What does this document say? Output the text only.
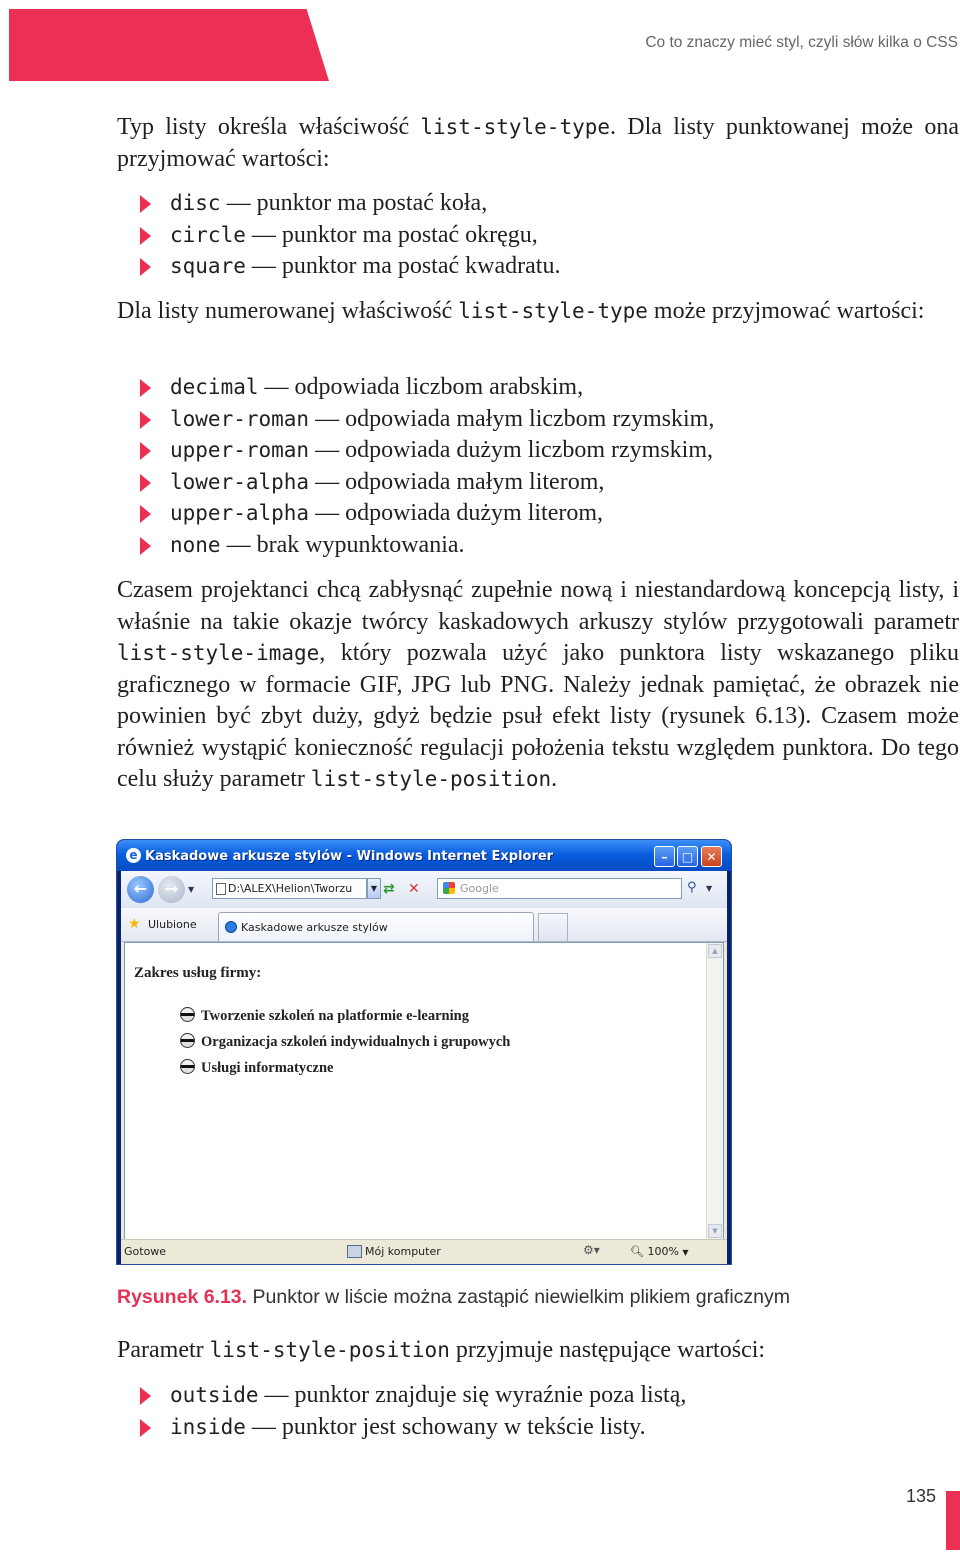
Co to znaczy mieć styl, czyli słów kilka o CSS

Typ listy określa właściwość list-style-type. Dla listy punktowanej może ona przyjmować wartości:

disc — punktor ma postać koła,
circle — punktor ma postać okręgu,
square — punktor ma postać kwadratu.

Dla listy numerowanej właściwość list-style-type może przyjmować wartości:

decimal — odpowiada liczbom arabskim,
lower-roman — odpowiada małym liczbom rzymskim,
upper-roman — odpowiada dużym liczbom rzymskim,
lower-alpha — odpowiada małym literom,
upper-alpha — odpowiada dużym literom,
none — brak wypunktowania.

Czasem projektanci chcą zabłysnąć zupełnie nową i niestandardową koncepcją listy, i właśnie na takie okazje twórcy kaskadowych arkuszy stylów przygotowali parametr list-style-image, który pozwala użyć jako punktora listy wskazanego pliku graficznego w formacie GIF, JPG lub PNG. Należy jednak pamiętać, że obrazek nie powinien być zbyt duży, gdyż będzie psuł efekt listy (rysunek 6.13). Czasem może również wystąpić konieczność regulacji położenia tekstu względem punktora. Do tego celu służy parametr list-style-position.

e Kaskadowe arkusze stylów - Windows Internet Explorer	–	□	✕
←	→	▼	D:\ALEX\Helion\Tworzu	▼ ⇄ ✕	Google	⚲ ▼
★ Ulubione	Kaskadowe arkusze stylów
Zakres usług firmy:
Tworzenie szkoleń na platformie e-learning
Organizacja szkoleń indywidualnych i grupowych
Usługi informatyczne
▲
▼
Gotowe	Mój komputer	⚙▾	🔍︎ 100% ▼
Rysunek 6.13. Punktor w liście można zastąpić niewielkim plikiem graficznym

Parametr list-style-position przyjmuje następujące wartości:

outside — punktor znajduje się wyraźnie poza listą,
inside — punktor jest schowany w tekście listy.
135
